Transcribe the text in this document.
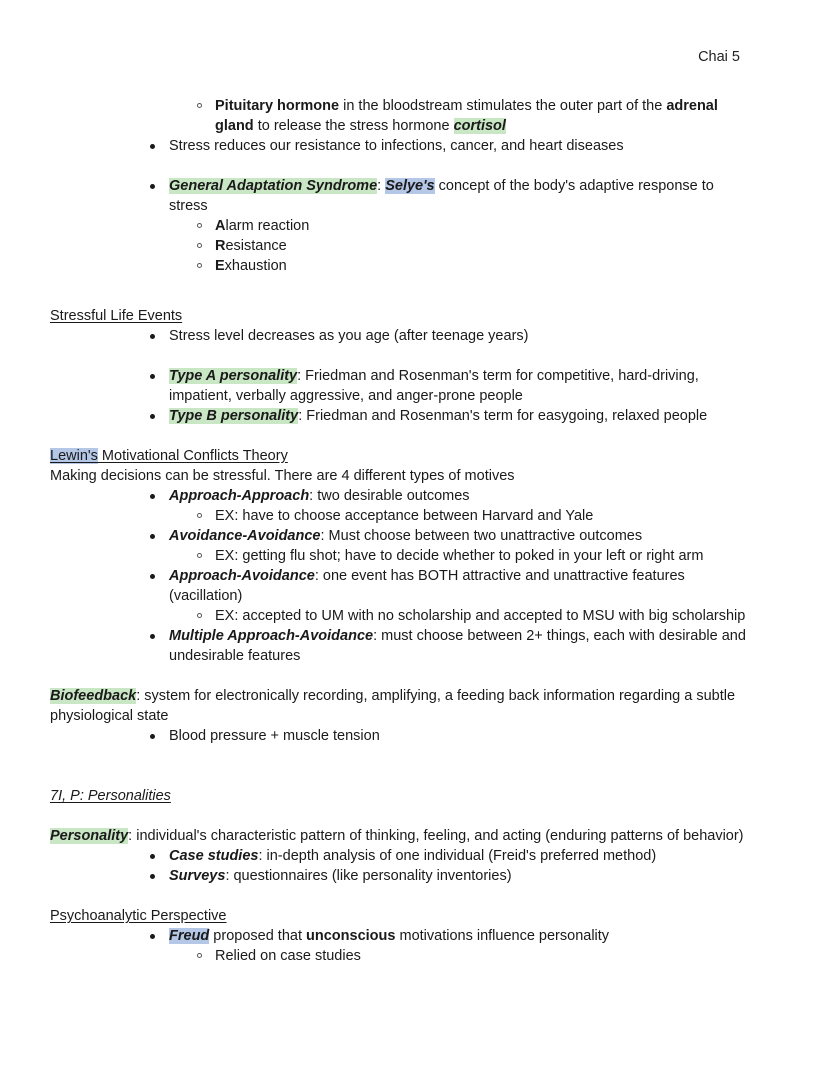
Chai 5
Pituitary hormone in the bloodstream stimulates the outer part of the adrenal gland to release the stress hormone cortisol
Stress reduces our resistance to infections, cancer, and heart diseases
General Adaptation Syndrome: Selye's concept of the body's adaptive response to stress
Alarm reaction
Resistance
Exhaustion

Stressful Life Events

Stress level decreases as you age (after teenage years)
Type A personality: Friedman and Rosenman's term for competitive, hard-driving, impatient, verbally aggressive, and anger-prone people
Type B personality: Friedman and Rosenman's term for easygoing, relaxed people

Lewin's Motivational Conflicts Theory

Making decisions can be stressful. There are 4 different types of motives

Approach-Approach: two desirable outcomes
EX: have to choose acceptance between Harvard and Yale
Avoidance-Avoidance: Must choose between two unattractive outcomes
EX: getting flu shot; have to decide whether to poked in your left or right arm
Approach-Avoidance: one event has BOTH attractive and unattractive features (vacillation)
EX: accepted to UM with no scholarship and accepted to MSU with big scholarship
Multiple Approach-Avoidance: must choose between 2+ things, each with desirable and undesirable features

Biofeedback: system for electronically recording, amplifying, a feeding back information regarding a subtle physiological state

Blood pressure + muscle tension

7I, P: Personalities

Personality: individual's characteristic pattern of thinking, feeling, and acting (enduring patterns of behavior)

Case studies: in-depth analysis of one individual (Freid's preferred method)
Surveys: questionnaires (like personality inventories)

Psychoanalytic Perspective

Freud proposed that unconscious motivations influence personality
Relied on case studies
